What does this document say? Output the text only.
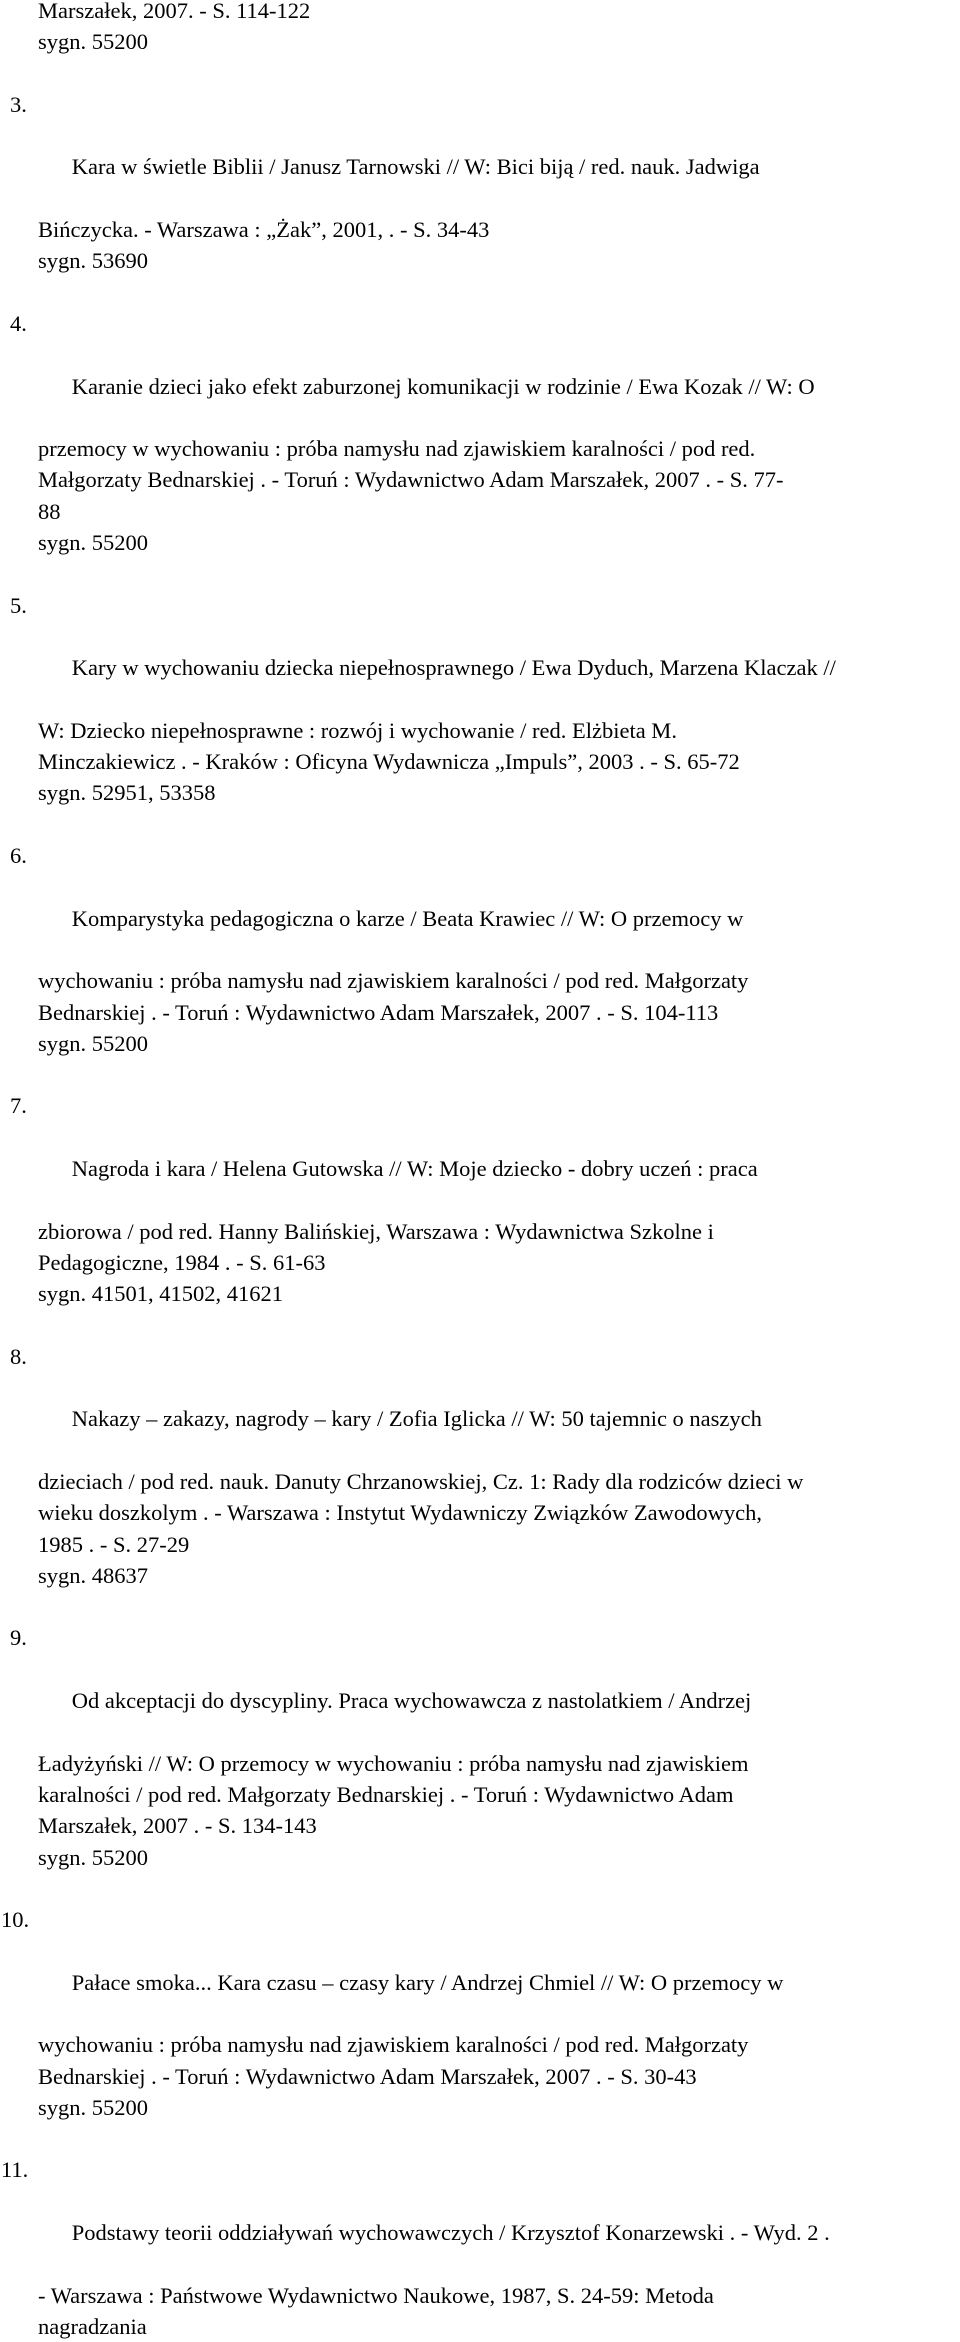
Marszałek, 2007. - S. 114-122
sygn. 55200

3.

Kara w świetle Biblii / Janusz Tarnowski // W: Bici biją / red. nauk. Jadwiga

Bińczycka. - Warszawa : „Żak”, 2001, . - S. 34-43
sygn. 53690

4.

Karanie dzieci jako efekt zaburzonej komunikacji w rodzinie / Ewa Kozak // W: O

przemocy w wychowaniu : próba namysłu nad zjawiskiem karalności / pod red.
Małgorzaty Bednarskiej . - Toruń : Wydawnictwo Adam Marszałek, 2007 . - S. 77-
88
sygn. 55200

5.

Kary w wychowaniu dziecka niepełnosprawnego / Ewa Dyduch, Marzena Klaczak //

W: Dziecko niepełnosprawne : rozwój i wychowanie / red. Elżbieta M.
Minczakiewicz . - Kraków : Oficyna Wydawnicza „Impuls”, 2003 . - S. 65-72
sygn. 52951, 53358

6.

Komparystyka pedagogiczna o karze / Beata Krawiec // W: O przemocy w

wychowaniu : próba namysłu nad zjawiskiem karalności / pod red. Małgorzaty
Bednarskiej . - Toruń : Wydawnictwo Adam Marszałek, 2007 . - S. 104-113
sygn. 55200

7.

Nagroda i kara / Helena Gutowska // W: Moje dziecko - dobry uczeń : praca

zbiorowa / pod red. Hanny Balińskiej, Warszawa : Wydawnictwa Szkolne i
Pedagogiczne, 1984 . - S. 61-63
sygn. 41501, 41502, 41621

8.

Nakazy – zakazy, nagrody – kary / Zofia Iglicka // W: 50 tajemnic o naszych

dzieciach / pod red. nauk. Danuty Chrzanowskiej, Cz. 1: Rady dla rodziców dzieci w
wieku doszkolym . - Warszawa : Instytut Wydawniczy Związków Zawodowych,
1985 . - S. 27-29
sygn. 48637

9.

Od akceptacji do dyscypliny. Praca wychowawcza z nastolatkiem / Andrzej

Ładyżyński // W: O przemocy w wychowaniu : próba namysłu nad zjawiskiem
karalności / pod red. Małgorzaty Bednarskiej . - Toruń : Wydawnictwo Adam
Marszałek, 2007 . - S. 134-143
sygn. 55200

10.

Pałace smoka... Kara czasu – czasy kary / Andrzej Chmiel // W: O przemocy w

wychowaniu : próba namysłu nad zjawiskiem karalności / pod red. Małgorzaty
Bednarskiej . - Toruń : Wydawnictwo Adam Marszałek, 2007 . - S. 30-43
sygn. 55200

11.

Podstawy teorii oddziaływań wychowawczych / Krzysztof Konarzewski . - Wyd. 2 .

- Warszawa : Państwowe Wydawnictwo Naukowe, 1987, S. 24-59: Metoda
nagradzania
